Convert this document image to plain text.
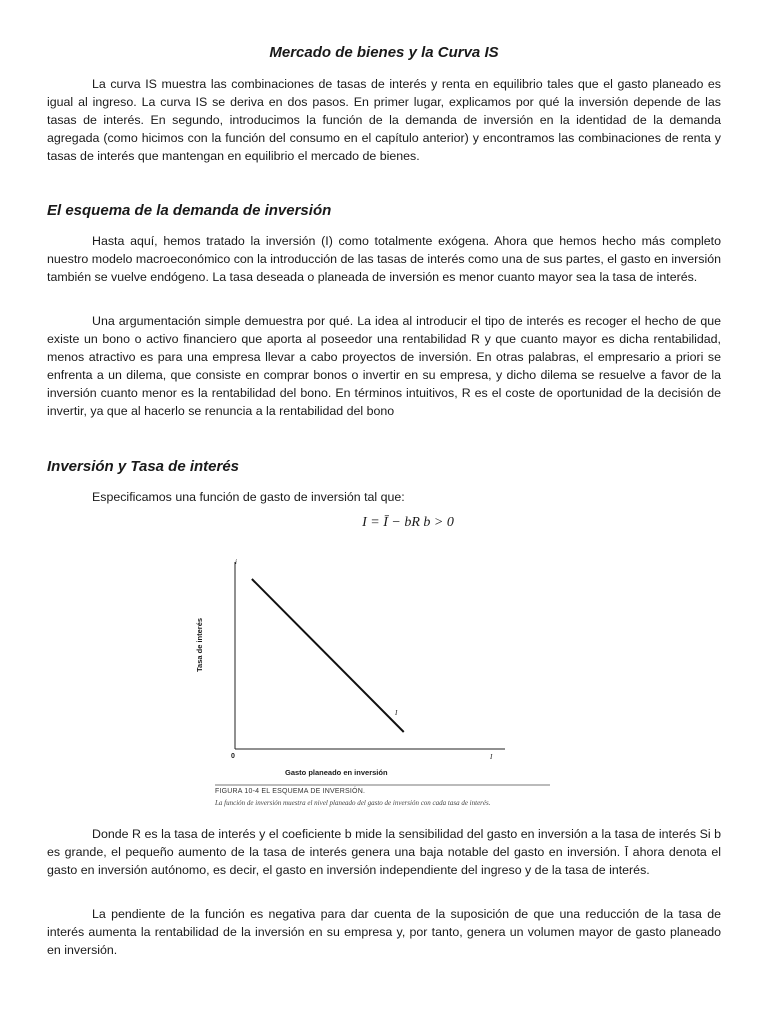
Mercado de bienes y la Curva IS

La curva IS muestra las combinaciones de tasas de interés y renta en equilibrio tales que el gasto planeado es igual al ingreso. La curva IS se deriva en dos pasos. En primer lugar, explicamos por qué la inversión depende de las tasas de interés. En segundo, introducimos la función de la demanda de inversión en la identidad de la demanda agregada (como hicimos con la función del consumo en el capítulo anterior) y encontramos las combinaciones de renta y tasas de interés que mantengan en equilibrio el mercado de bienes.

El esquema de la demanda de inversión

Hasta aquí, hemos tratado la inversión (I) como totalmente exógena. Ahora que hemos hecho más completo nuestro modelo macroeconómico con la introducción de las tasas de interés como una de sus partes, el gasto en inversión también se vuelve endógeno. La tasa deseada o planeada de inversión es menor cuanto mayor sea la tasa de interés.

Una argumentación simple demuestra por qué. La idea al introducir el tipo de interés es recoger el hecho de que existe un bono o activo financiero que aporta al poseedor una rentabilidad R y que cuanto mayor es dicha rentabilidad, menos atractivo es para una empresa llevar a cabo proyectos de inversión. En otras palabras, el empresario a priori se enfrenta a un dilema, que consiste en comprar bonos o invertir en su empresa, y dicho dilema se resuelve a favor de la inversión cuanto menor es la rentabilidad del bono. En términos intuitivos, R es el coste de oportunidad de la decisión de invertir, ya que al hacerlo se renuncia a la rentabilidad del bono

Inversión y Tasa de interés

Especificamos una función de gasto de inversión tal que:

I = Ī − bR b > 0
i
0	I
I
Tasa de interés
Gasto planeado en inversión
FIGURA 10-4 EL ESQUEMA DE INVERSIÓN.
La función de inversión muestra el nivel planeado del gasto de inversión con cada tasa de interés.

Donde R es la tasa de interés y el coeficiente b mide la sensibilidad del gasto en inversión a la tasa de interés Si b es grande, el pequeño aumento de la tasa de interés genera una baja notable del gasto en inversión. Ī ahora denota el gasto en inversión autónomo, es decir, el gasto en inversión independiente del ingreso y de la tasa de interés.

La pendiente de la función es negativa para dar cuenta de la suposición de que una reducción de la tasa de interés aumenta la rentabilidad de la inversión en su empresa y, por tanto, genera un volumen mayor de gasto planeado en inversión.
